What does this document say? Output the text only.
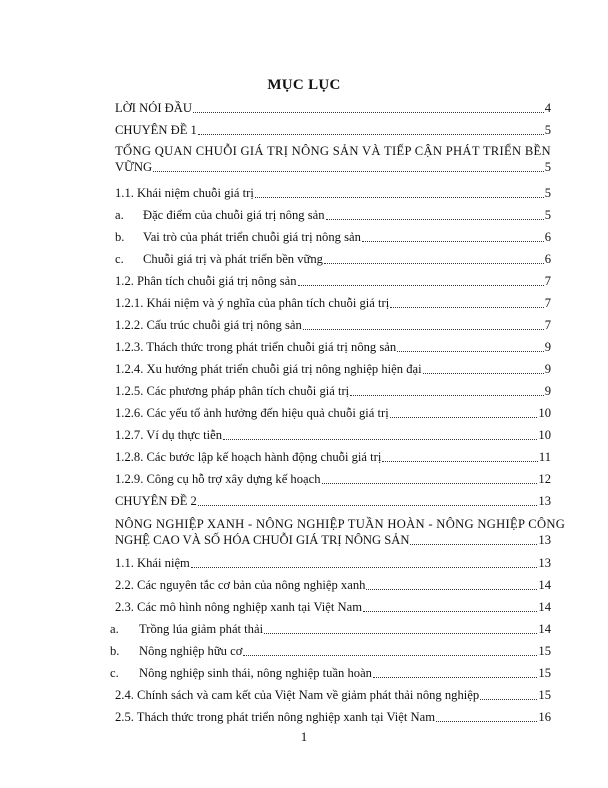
MỤC LỤC
LỜI NÓI ĐẦU	4
CHUYÊN ĐỀ 1	5
TỔNG QUAN CHUỖI GIÁ TRỊ NÔNG SẢN VÀ TIẾP CẬN PHÁT TRIỂN BỀN
VỮNG	5
1.1. Khái niệm chuỗi giá trị	5
a.	Đặc điểm của chuỗi giá trị nông sản	5
b.	Vai trò của phát triển chuỗi giá trị nông sản	6
c.	Chuỗi giá trị và phát triển bền vững	6
1.2. Phân tích chuỗi giá trị nông sản	7
1.2.1. Khái niệm và ý nghĩa của phân tích chuỗi giá trị	7
1.2.2. Cấu trúc chuỗi giá trị nông sản	7
1.2.3. Thách thức trong phát triển chuỗi giá trị nông sản	9
1.2.4. Xu hướng phát triển chuỗi giá trị nông nghiệp hiện đại	9
1.2.5. Các phương pháp phân tích chuỗi giá trị	9
1.2.6. Các yếu tố ảnh hưởng đến hiệu quả chuỗi giá trị	10
1.2.7. Ví dụ thực tiễn	10
1.2.8. Các bước lập kế hoạch hành động chuỗi giá trị	11
1.2.9. Công cụ hỗ trợ xây dựng kế hoạch	12
CHUYÊN ĐỀ 2	13
NÔNG NGHIỆP XANH - NÔNG NGHIỆP TUẦN HOÀN - NÔNG NGHIỆP CÔNG
NGHỆ CAO VÀ SỐ HÓA CHUỖI GIÁ TRỊ NÔNG SẢN	13
1.1. Khái niệm	13
2.2. Các nguyên tắc cơ bản của nông nghiệp xanh	14
2.3. Các mô hình nông nghiệp xanh tại Việt Nam	14
a.	Trồng lúa giảm phát thải	14
b.	Nông nghiệp hữu cơ	15
c.	Nông nghiệp sinh thái, nông nghiệp tuần hoàn	15
2.4. Chính sách và cam kết của Việt Nam về giảm phát thải nông nghiệp	15
2.5. Thách thức trong phát triển nông nghiệp xanh tại Việt Nam	16
1
